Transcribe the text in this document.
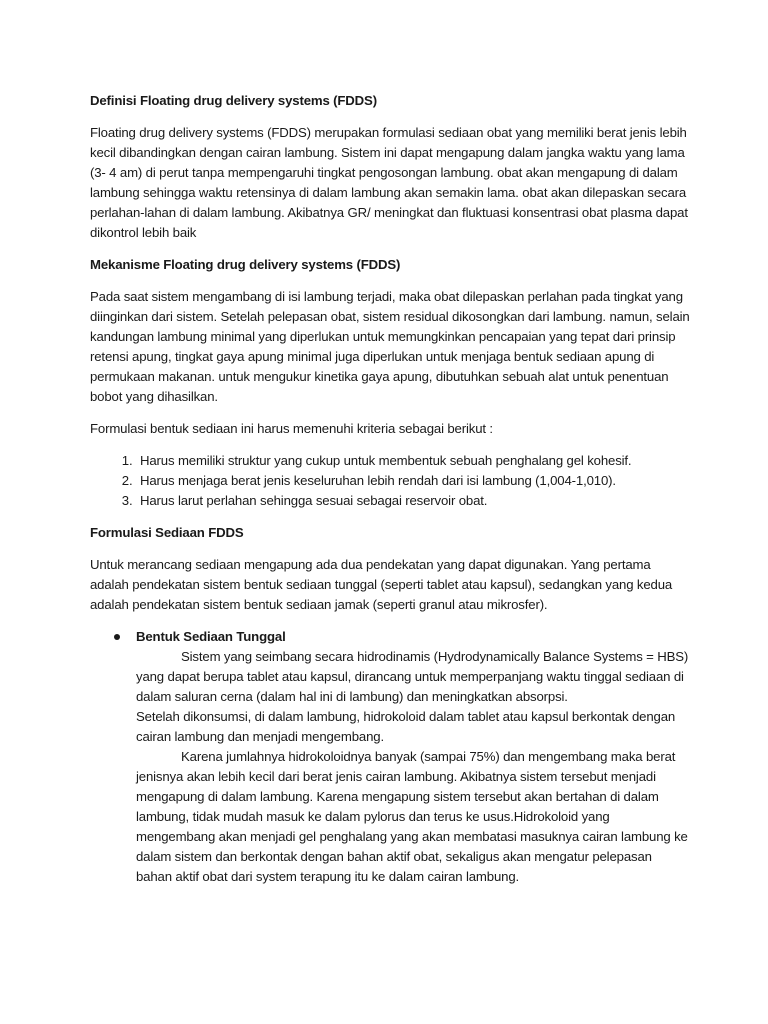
Definisi Floating drug delivery systems (FDDS)

Floating drug delivery systems (FDDS) merupakan formulasi sediaan obat yang memiliki berat jenis lebih kecil dibandingkan dengan cairan lambung. Sistem ini dapat mengapung dalam jangka waktu yang lama (3- 4 am) di perut tanpa mempengaruhi tingkat pengosongan lambung. obat akan mengapung di dalam lambung sehingga waktu retensinya di dalam lambung akan semakin lama. obat akan dilepaskan secara perlahan-lahan di dalam lambung. Akibatnya GR/ meningkat dan fluktuasi konsentrasi obat plasma dapat dikontrol lebih baik

Mekanisme Floating drug delivery systems (FDDS)

Pada saat sistem mengambang di isi lambung terjadi, maka obat dilepaskan perlahan pada tingkat yang diinginkan dari sistem. Setelah pelepasan obat, sistem residual dikosongkan dari lambung. namun, selain kandungan lambung minimal yang diperlukan untuk memungkinkan pencapaian yang tepat dari prinsip retensi apung, tingkat gaya apung minimal juga diperlukan untuk menjaga bentuk sediaan apung di permukaan makanan. untuk mengukur kinetika gaya apung, dibutuhkan sebuah alat untuk penentuan bobot yang dihasilkan.

Formulasi bentuk sediaan ini harus memenuhi kriteria sebagai berikut :

1. Harus memiliki struktur yang cukup untuk membentuk sebuah penghalang gel kohesif.
2. Harus menjaga berat jenis keseluruhan lebih rendah dari isi lambung (1,004-1,010).
3. Harus larut perlahan sehingga sesuai sebagai reservoir obat.
Formulasi Sediaan FDDS

Untuk merancang sediaan mengapung ada dua pendekatan yang dapat digunakan. Yang pertama adalah pendekatan sistem bentuk sediaan tunggal (seperti tablet atau kapsul), sedangkan yang kedua adalah pendekatan sistem bentuk sediaan jamak (seperti granul atau mikrosfer).

Bentuk Sediaan Tunggal
Sistem yang seimbang secara hidrodinamis (Hydrodynamically Balance Systems = HBS) yang dapat berupa tablet atau kapsul, dirancang untuk memperpanjang waktu tinggal sediaan di dalam saluran cerna (dalam hal ini di lambung) dan meningkatkan absorpsi.
Setelah dikonsumsi, di dalam lambung, hidrokoloid dalam tablet atau kapsul berkontak dengan cairan lambung dan menjadi mengembang.
Karena jumlahnya hidrokoloidnya banyak (sampai 75%) dan mengembang maka berat jenisnya akan lebih kecil dari berat jenis cairan lambung. Akibatnya sistem tersebut menjadi mengapung di dalam lambung. Karena mengapung sistem tersebut akan bertahan di dalam lambung, tidak mudah masuk ke dalam pylorus dan terus ke usus.Hidrokoloid yang mengembang akan menjadi gel penghalang yang akan membatasi masuknya cairan lambung ke dalam sistem dan berkontak dengan bahan aktif obat, sekaligus akan mengatur pelepasan bahan aktif obat dari system terapung itu ke dalam cairan lambung.
